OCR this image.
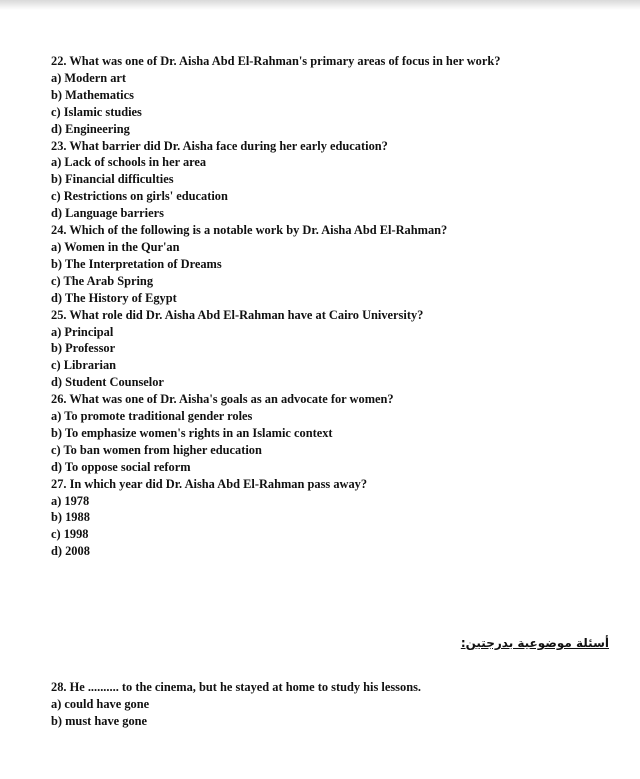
22. What was one of Dr. Aisha Abd El-Rahman's primary areas of focus in her work?
a) Modern art
b) Mathematics
c) Islamic studies
d) Engineering
23. What barrier did Dr. Aisha face during her early education?
a) Lack of schools in her area
b) Financial difficulties
c) Restrictions on girls' education
d) Language barriers
24. Which of the following is a notable work by Dr. Aisha Abd El-Rahman?
a) Women in the Qur'an
b) The Interpretation of Dreams
c) The Arab Spring
d) The History of Egypt
25. What role did Dr. Aisha Abd El-Rahman have at Cairo University?
a) Principal
b) Professor
c) Librarian
d) Student Counselor
26. What was one of Dr. Aisha's goals as an advocate for women?
a) To promote traditional gender roles
b) To emphasize women's rights in an Islamic context
c) To ban women from higher education
d) To oppose social reform
27. In which year did Dr. Aisha Abd El-Rahman pass away?
a) 1978
b) 1988
c) 1998
d) 2008
أسئلة موضوعية بدرجتين:
28. He .......... to the cinema, but he stayed at home to study his lessons.
a) could have gone
b) must have gone
